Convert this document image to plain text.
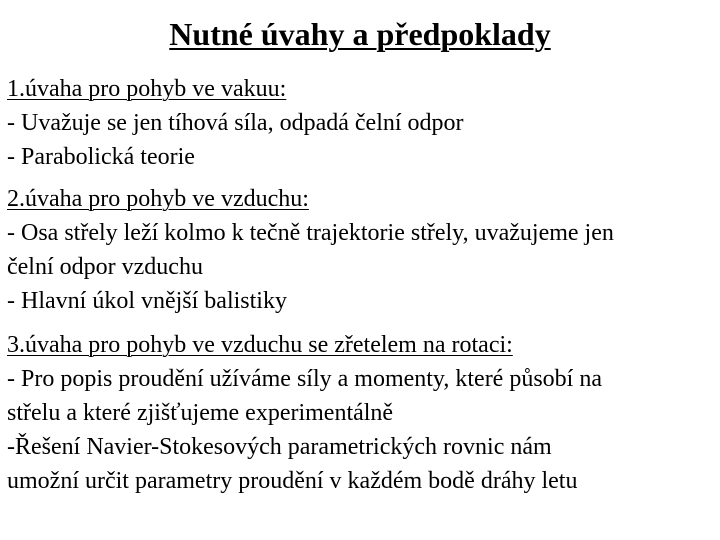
Nutné úvahy a předpoklady
1.úvaha pro pohyb ve vakuu:
- Uvažuje se jen tíhová síla, odpadá čelní odpor
- Parabolická teorie
2.úvaha pro pohyb ve vzduchu:
- Osa střely leží kolmo k tečně trajektorie střely, uvažujeme jen
čelní odpor vzduchu
- Hlavní úkol vnější balistiky
3.úvaha pro pohyb ve vzduchu se zřetelem na rotaci:
- Pro popis proudění užíváme síly a momenty, které působí na
střelu a které zjišťujeme experimentálně
-Řešení Navier-Stokesových parametrických rovnic nám
umožní určit parametry proudění v každém bodě dráhy letu
